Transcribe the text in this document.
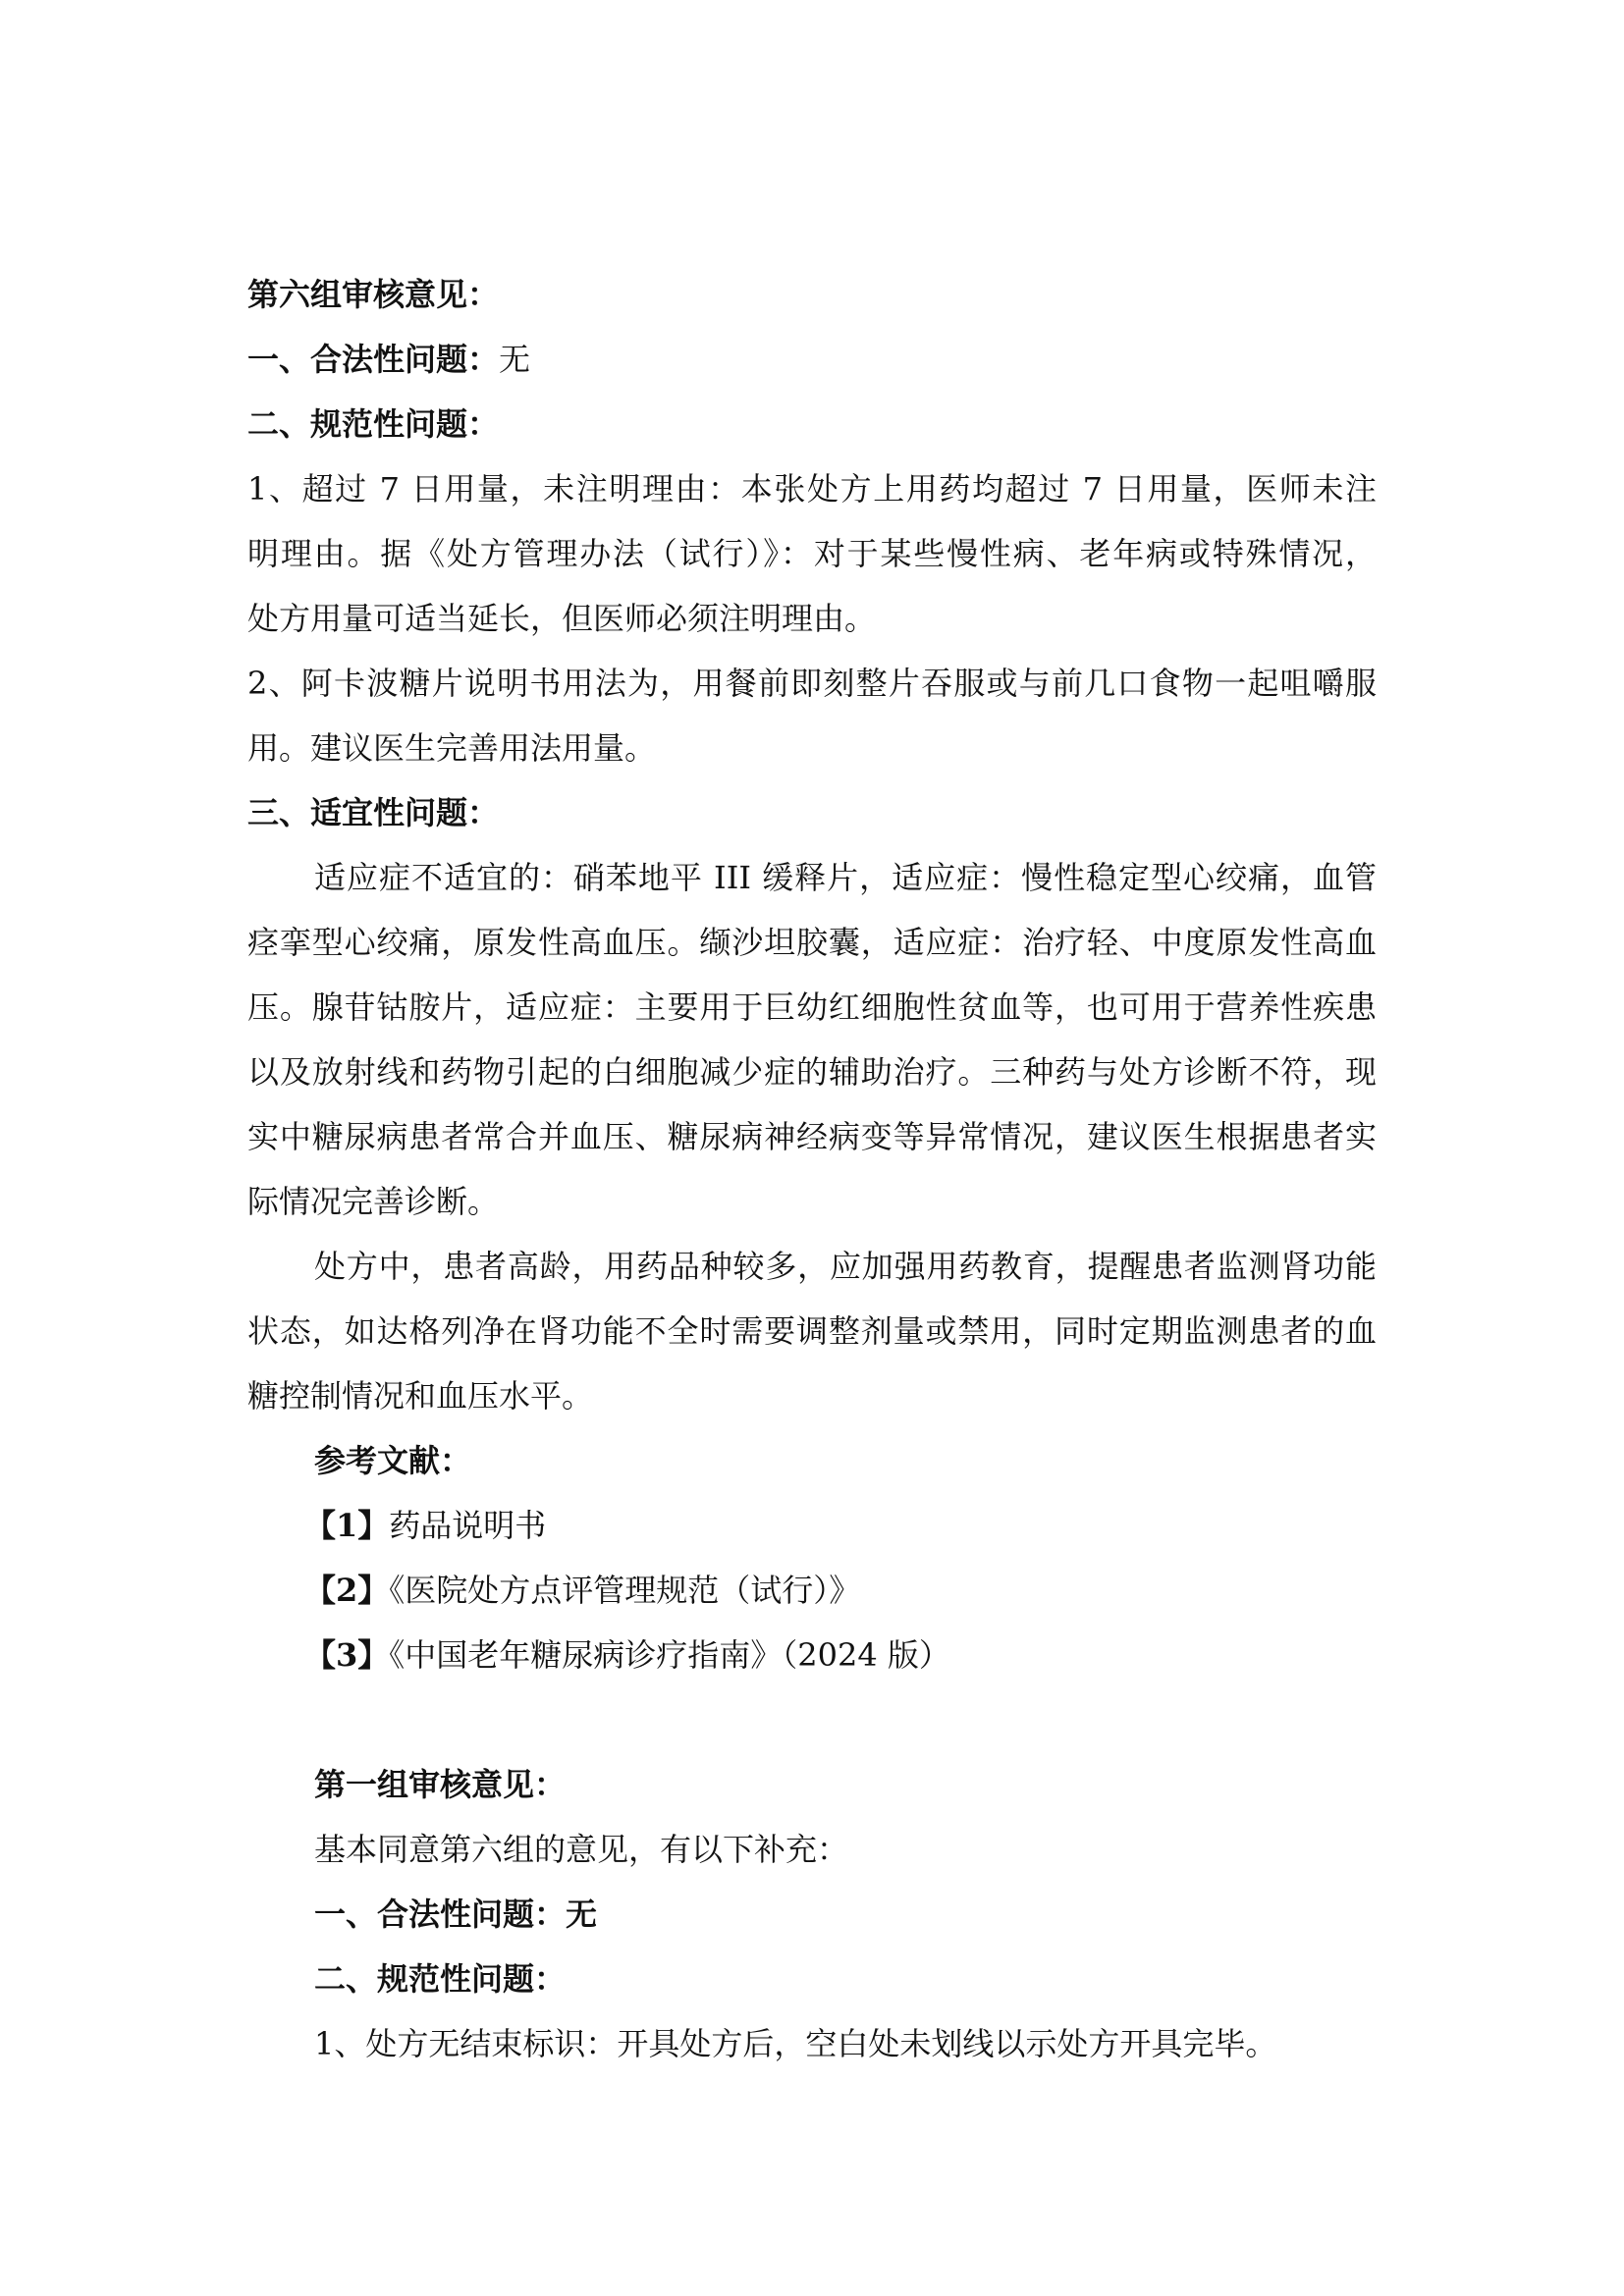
第六组审核意见：
一、合法性问题：无
二、规范性问题：
1、超过 7 日用量，未注明理由：本张处方上用药均超过 7 日用量，医师未注
明理由。据《处方管理办法（试行）》：对于某些慢性病、老年病或特殊情况，
处方用量可适当延长，但医师必须注明理由。
2、阿卡波糖片说明书用法为，用餐前即刻整片吞服或与前几口食物一起咀嚼服
用。建议医生完善用法用量。
三、适宜性问题：
适应症不适宜的：硝苯地平 III 缓释片，适应症：慢性稳定型心绞痛，血管
痉挛型心绞痛，原发性高血压。缬沙坦胶囊，适应症：治疗轻、中度原发性高血
压。腺苷钴胺片，适应症：主要用于巨幼红细胞性贫血等，也可用于营养性疾患
以及放射线和药物引起的白细胞减少症的辅助治疗。三种药与处方诊断不符，现
实中糖尿病患者常合并血压、糖尿病神经病变等异常情况，建议医生根据患者实
际情况完善诊断。
处方中，患者高龄，用药品种较多，应加强用药教育，提醒患者监测肾功能
状态，如达格列净在肾功能不全时需要调整剂量或禁用，同时定期监测患者的血
糖控制情况和血压水平。
参考文献：
【1】药品说明书
【2】《医院处方点评管理规范（试行）》
【3】《中国老年糖尿病诊疗指南》（2024 版）
第一组审核意见：
基本同意第六组的意见，有以下补充：
一、合法性问题：无
二、规范性问题：
1、处方无结束标识：开具处方后，空白处未划线以示处方开具完毕。
